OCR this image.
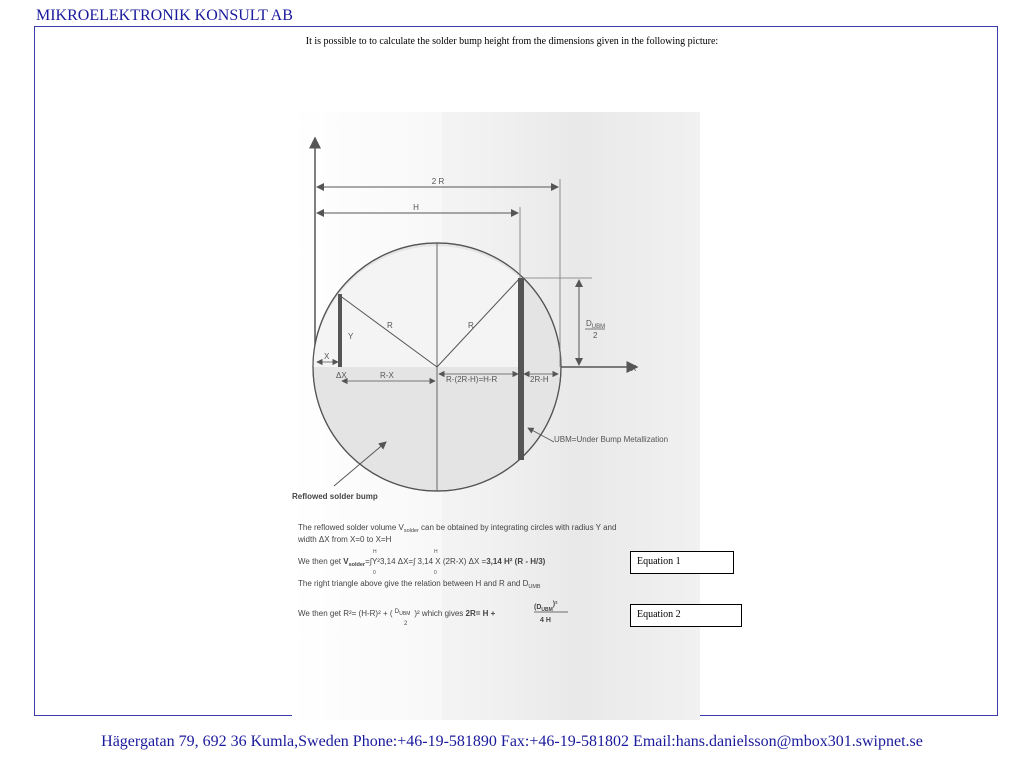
MIKROELEKTRONIK KONSULT AB
It is possible to to calculate the solder bump height from the dimensions given in the following picture:
2 R
H
$D_{UBM}$
2
R	R
Y
X
X
ΔX	R-X	R-(2R-H)=H-R	2R-H
UBM=Under Bump Metallization
Reflowed solder bump
The reflowed solder volume $V_{solder}$ can be obtained by integrating circles with radius Y and
width ΔX from X=0 to X=H
H	H
We then get $V_{solder}=\int Y^23,14$ ΔX=∫ 3,14 X (2R-X) ΔX =3,14 H² (R - H/3)
0	0
The right triangle above give the relation between H and R and $D_{UMB}$
We then get R²= (H-R)² + ( $^D_{UBM}$ )² which gives 2R= H +
2
$(D_{UBM})^2$
4 H
Equation 1
Equation 2
Hägergatan 79, 692 36 Kumla,Sweden Phone:+46-19-581890 Fax:+46-19-581802 Email:hans.danielsson@mbox301.swipnet.se
